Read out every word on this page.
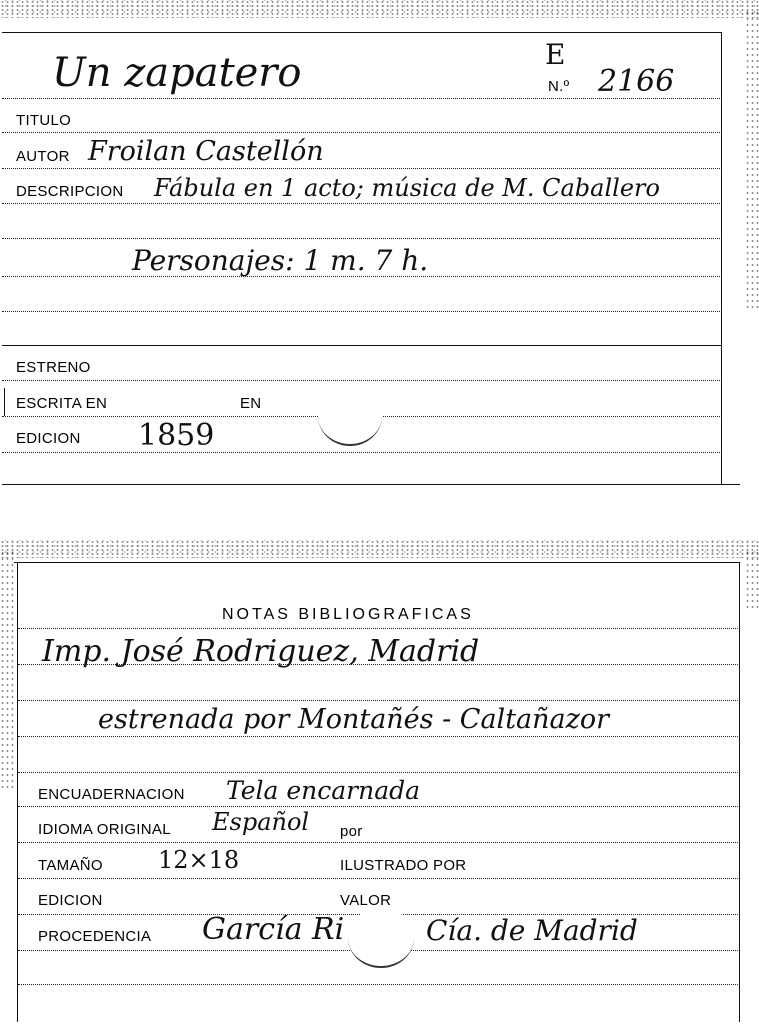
Un zapatero	E
N.º 2166
TITULO
AUTOR Froilan Castellón
DESCRIPCION Fábula en 1 acto; música de M. Caballero
Personajes: 1 m. 7 h.
ESTRENO
ESCRITA EN	EN
EDICION 1859
NOTAS BIBLIOGRAFICAS
Imp. José Rodriguez, Madrid
estrenada por Montañés - Caltañazor
ENCUADERNACION Tela encarnada
IDIOMA ORIGINAL Español por
TAMAÑO 12×18	ILUSTRADO POR
EDICION	VALOR
PROCEDENCIA García Ri	Cía. de Madrid
